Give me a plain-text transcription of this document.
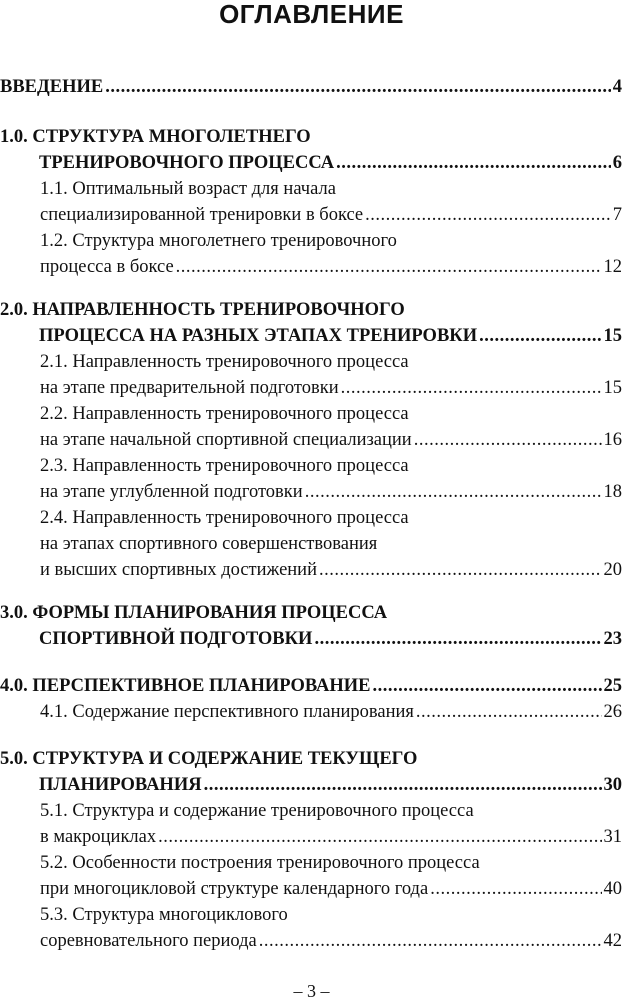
ОГЛАВЛЕНИЕ
ВВЕДЕНИЕ .....	4
1.0. СТРУКТУРА МНОГОЛЕТНЕГО
ТРЕНИРОВОЧНОГО ПРОЦЕССА .....	6
1.1. Оптимальный возраст для начала
специализированной тренировки в боксе .....	7
1.2. Структура многолетнего тренировочного
процесса в боксе .....	12
2.0. НАПРАВЛЕННОСТЬ ТРЕНИРОВОЧНОГО
ПРОЦЕССА НА РАЗНЫХ ЭТАПАХ ТРЕНИРОВКИ .....	15
2.1. Направленность тренировочного процесса
на этапе предварительной подготовки .....	15
2.2. Направленность тренировочного процесса
на этапе начальной спортивной специализации .....	16
2.3. Направленность тренировочного процесса
на этапе углубленной подготовки .....	18
2.4. Направленность тренировочного процесса
на этапах спортивного совершенствования
и высших спортивных достижений .....	20
3.0. ФОРМЫ ПЛАНИРОВАНИЯ ПРОЦЕССА
СПОРТИВНОЙ ПОДГОТОВКИ .....	23
4.0. ПЕРСПЕКТИВНОЕ ПЛАНИРОВАНИЕ .....	25
4.1. Содержание перспективного планирования .....	26
5.0. СТРУКТУРА И СОДЕРЖАНИЕ ТЕКУЩЕГО
ПЛАНИРОВАНИЯ .....	30
5.1. Структура и содержание тренировочного процесса
в макроциклах .....	31
5.2. Особенности построения тренировочного процесса
при многоцикловой структуре календарного года .....	40
5.3. Структура многоциклового
соревновательного периода .....	42
– 3 –
